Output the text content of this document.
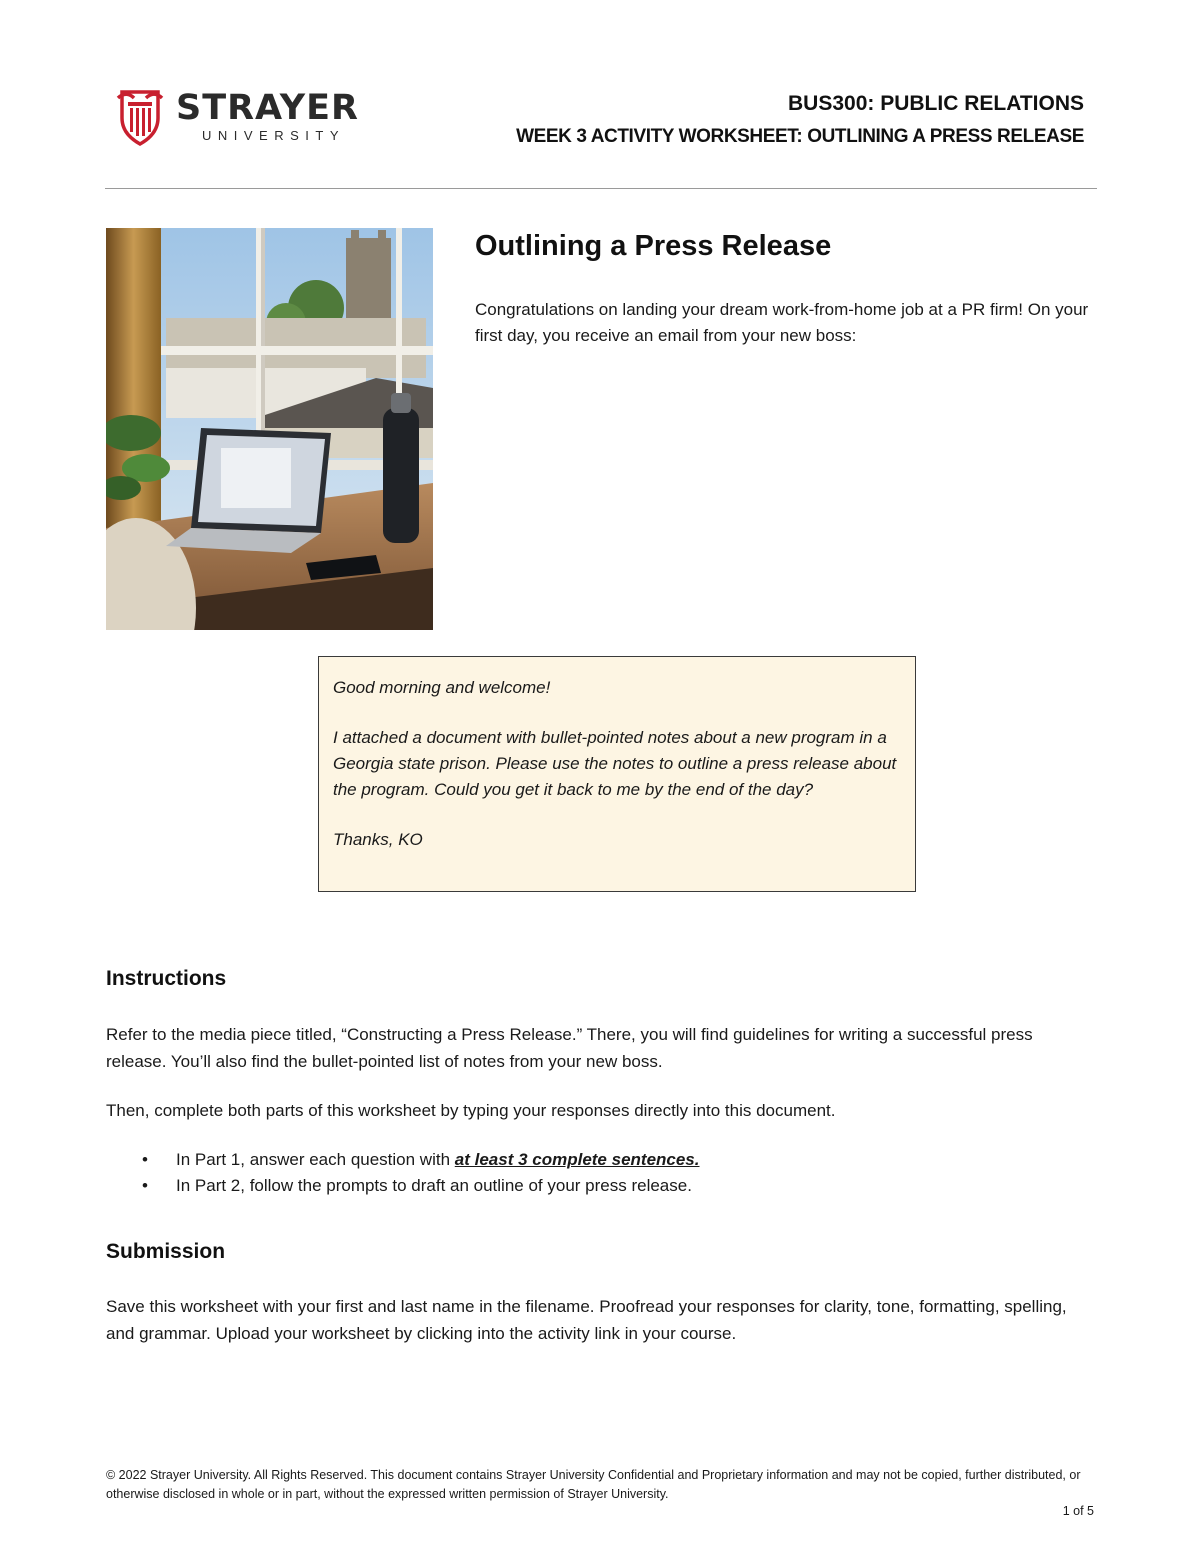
STRAYER
UNIVERSITY
BUS300: PUBLIC RELATIONS
WEEK 3 ACTIVITY WORKSHEET: OUTLINING A PRESS RELEASE
Outlining a Press Release
Congratulations on landing your dream work-from-home job at a PR firm! On your first day, you receive an email from your new boss:

Good morning and welcome!

I attached a document with bullet-pointed notes about a new program in a Georgia state prison. Please use the notes to outline a press release about the program. Could you get it back to me by the end of the day?

Thanks, KO

Instructions
Refer to the media piece titled, “Constructing a Press Release.” There, you will find guidelines for writing a successful press release. You’ll also find the bullet-pointed list of notes from your new boss.
Then, complete both parts of this worksheet by typing your responses directly into this document.
• In Part 1, answer each question with at least 3 complete sentences.
• In Part 2, follow the prompts to draft an outline of your press release.
Submission
Save this worksheet with your first and last name in the filename. Proofread your responses for clarity, tone, formatting, spelling, and grammar. Upload your worksheet by clicking into the activity link in your course.
© 2022 Strayer University. All Rights Reserved. This document contains Strayer University Confidential and Proprietary information and may not be copied, further distributed, or otherwise disclosed in whole or in part, without the expressed written permission of Strayer University.
1 of 5
